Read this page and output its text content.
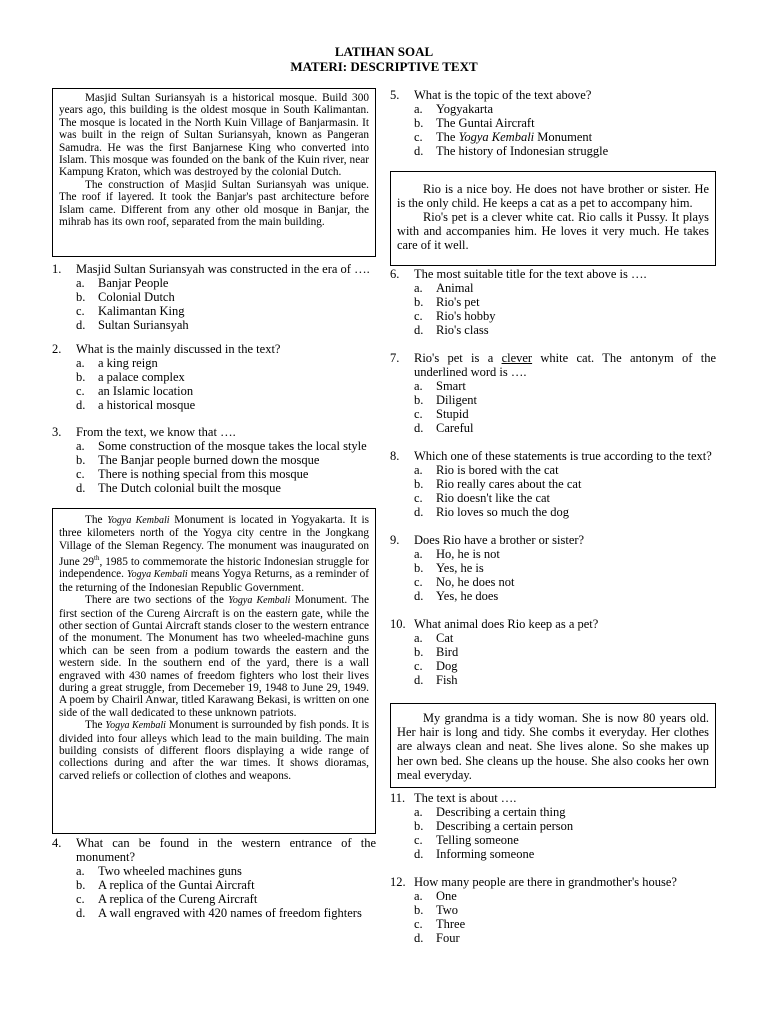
LATIHAN SOAL
MATERI: DESCRIPTIVE TEXT

Masjid Sultan Suriansyah is a historical mosque. Build 300 years ago, this building is the oldest mosque in South Kalimantan. The mosque is located in the North Kuin Village of Banjarmasin. It was built in the reign of Sultan Suriansyah, known as Pangeran Samudra. He was the first Banjarnese King who converted into Islam. This mosque was founded on the bank of the Kuin river, near Kampung Kraton, which was destroyed by the colonial Dutch.

The construction of Masjid Sultan Suriansyah was unique. The roof if layered. It took the Banjar's past architecture before Islam came. Different from any other old mosque in Banjar, the mihrab has its own roof, separated from the main building.

1.	Masjid Sultan Suriansyah was constructed in the era of ….
a.	Banjar People
b.	Colonial Dutch
c.	Kalimantan King
d.	Sultan Suriansyah
2.	What is the mainly discussed in the text?
a.	a king reign
b.	a palace complex
c.	an Islamic location
d.	a historical mosque
3.	From the text, we know that ….
a.	Some construction of the mosque takes the local style
b.	The Banjar people burned down the mosque
c.	There is nothing special from this mosque
d.	The Dutch colonial built the mosque

The Yogya Kembali Monument is located in Yogyakarta. It is three kilometers north of the Yogya city centre in the Jongkang Village of the Sleman Regency. The monument was inaugurated on June 29th, 1985 to commemorate the historic Indonesian struggle for independence. Yogya Kembali means Yogya Returns, as a reminder of the returning of the Indonesian Republic Government.

There are two sections of the Yogya Kembali Monument. The first section of the Cureng Aircraft is on the eastern gate, while the other section of Guntai Aircraft stands closer to the western entrance of the monument. The Monument has two wheeled-machine guns which can be seen from a podium towards the eastern and the western side. In the southern end of the yard, there is a wall engraved with 430 names of freedom fighters who lost their lives during a great struggle, from Decemeber 19, 1948 to June 29, 1949. A poem by Chairil Anwar, titled Karawang Bekasi, is written on one side of the wall dedicated to these unknown patriots.

The Yogya Kembali Monument is surrounded by fish ponds. It is divided into four alleys which lead to the main building. The main building consists of different floors displaying a wide range of collections during and after the war times. It shows dioramas, carved reliefs or collection of clothes and weapons.

4.	What can be found in the western entrance of the monument?
a.	Two wheeled machines guns
b.	A replica of the Guntai Aircraft
c.	A replica of the Cureng Aircraft
d.	A wall engraved with 420 names of freedom fighters
5.	What is the topic of the text above?
a.	Yogyakarta
b.	The Guntai Aircraft
c.	The Yogya Kembali Monument
d.	The history of Indonesian struggle

Rio is a nice boy. He does not have brother or sister. He is the only child. He keeps a cat as a pet to accompany him.

Rio's pet is a clever white cat. Rio calls it Pussy. It plays with and accompanies him. He loves it very much. He takes care of it well.

6.	The most suitable title for the text above is ….
a.	Animal
b.	Rio's pet
c.	Rio's hobby
d.	Rio's class
7.	Rio's pet is a clever white cat. The antonym of the underlined word is ….
a.	Smart
b.	Diligent
c.	Stupid
d.	Careful
8.	Which one of these statements is true according to the text?
a.	Rio is bored with the cat
b.	Rio really cares about the cat
c.	Rio doesn't like the cat
d.	Rio loves so much the dog
9.	Does Rio have a brother or sister?
a.	Ho, he is not
b.	Yes, he is
c.	No, he does not
d.	Yes, he does
10. What animal does Rio keep as a pet?
a.	Cat
b.	Bird
c.	Dog
d.	Fish

My grandma is a tidy woman. She is now 80 years old. Her hair is long and tidy. She combs it everyday. Her clothes are always clean and neat. She lives alone. So she makes up her own bed. She cleans up the house. She also cooks her own meal everyday.

11. The text is about ….
a.	Describing a certain thing
b.	Describing a certain person
c.	Telling someone
d.	Informing someone
12. How many people are there in grandmother's house?
a.	One
b.	Two
c.	Three
d.	Four
